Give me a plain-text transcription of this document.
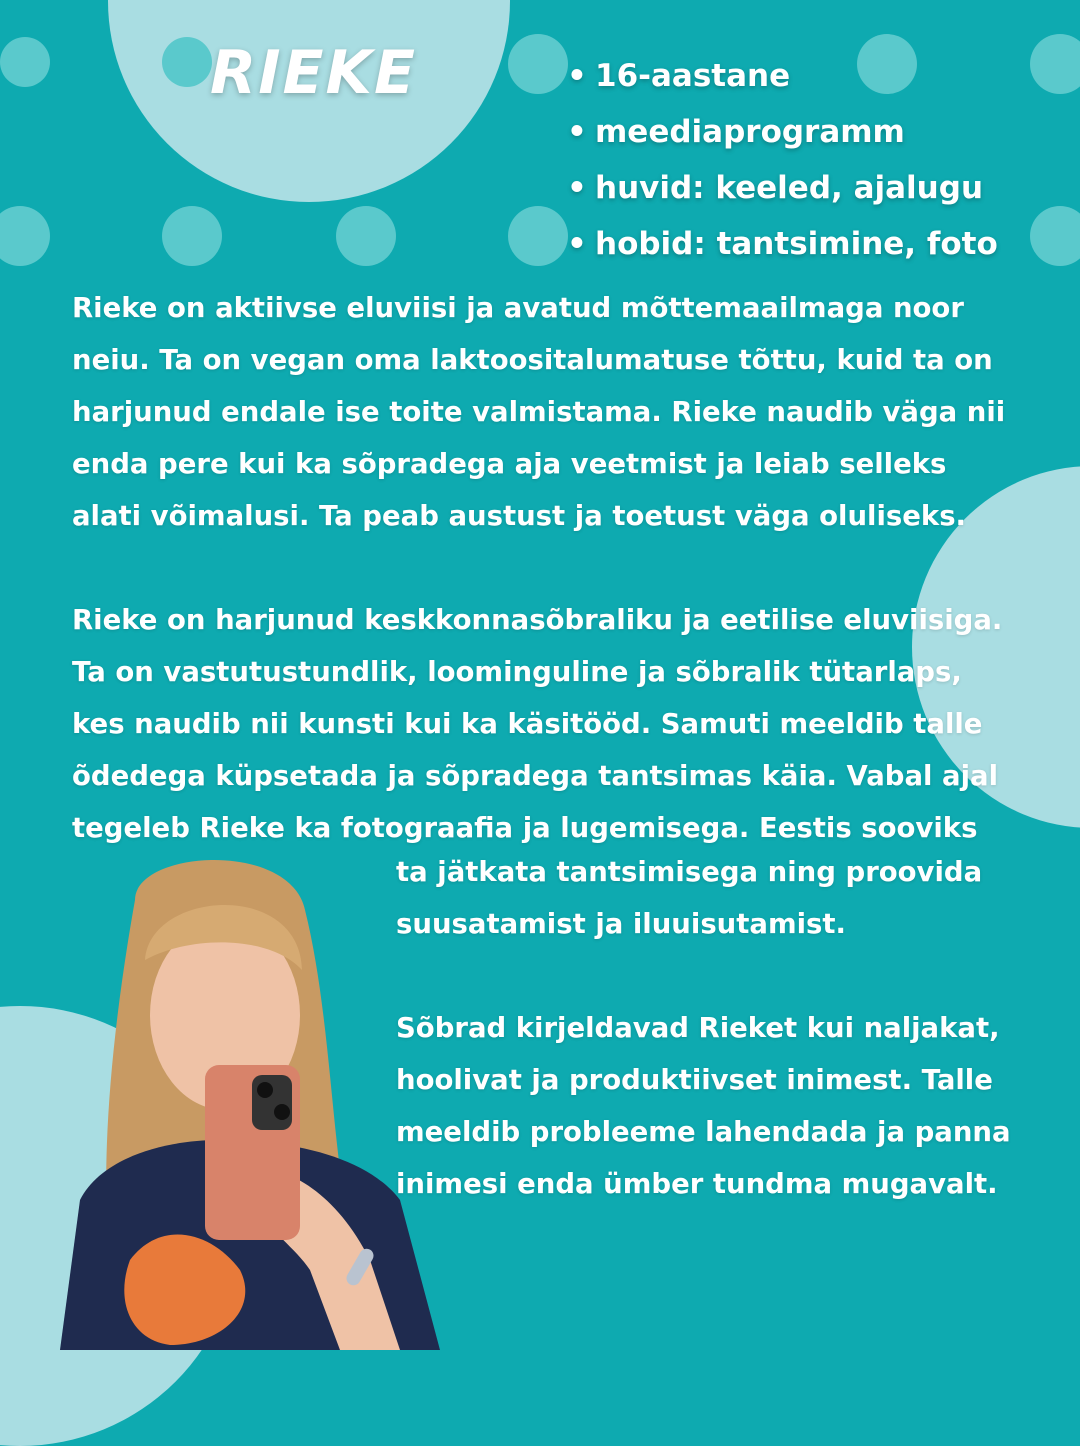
RIEKE	• 16-aastane
• meediaprogramm
• huvid: keeled, ajalugu
• hobid: tantsimine, foto
Rieke on aktiivse eluviisi ja avatud mõttemaailmaga noor
neiu. Ta on vegan oma laktoositalumatuse tõttu, kuid ta on
harjunud endale ise toite valmistama. Rieke naudib väga nii
enda pere kui ka sõpradega aja veetmist ja leiab selleks
alati võimalusi. Ta peab austust ja toetust väga oluliseks.
Rieke on harjunud keskkonnasõbraliku ja eetilise eluviisiga.
Ta on vastutustundlik, loominguline ja sõbralik tütarlaps,
kes naudib nii kunsti kui ka käsitööd. Samuti meeldib talle
õdedega küpsetada ja sõpradega tantsimas käia. Vabal ajal
tegeleb Rieke ka fotograafia ja lugemisega. Eestis sooviks
ta jätkata tantsimisega ning proovida
suusatamist ja iluuisutamist.
Sõbrad kirjeldavad Rieket kui naljakat,
hoolivat ja produktiivset inimest. Talle
meeldib probleeme lahendada ja panna
inimesi enda ümber tundma mugavalt.
